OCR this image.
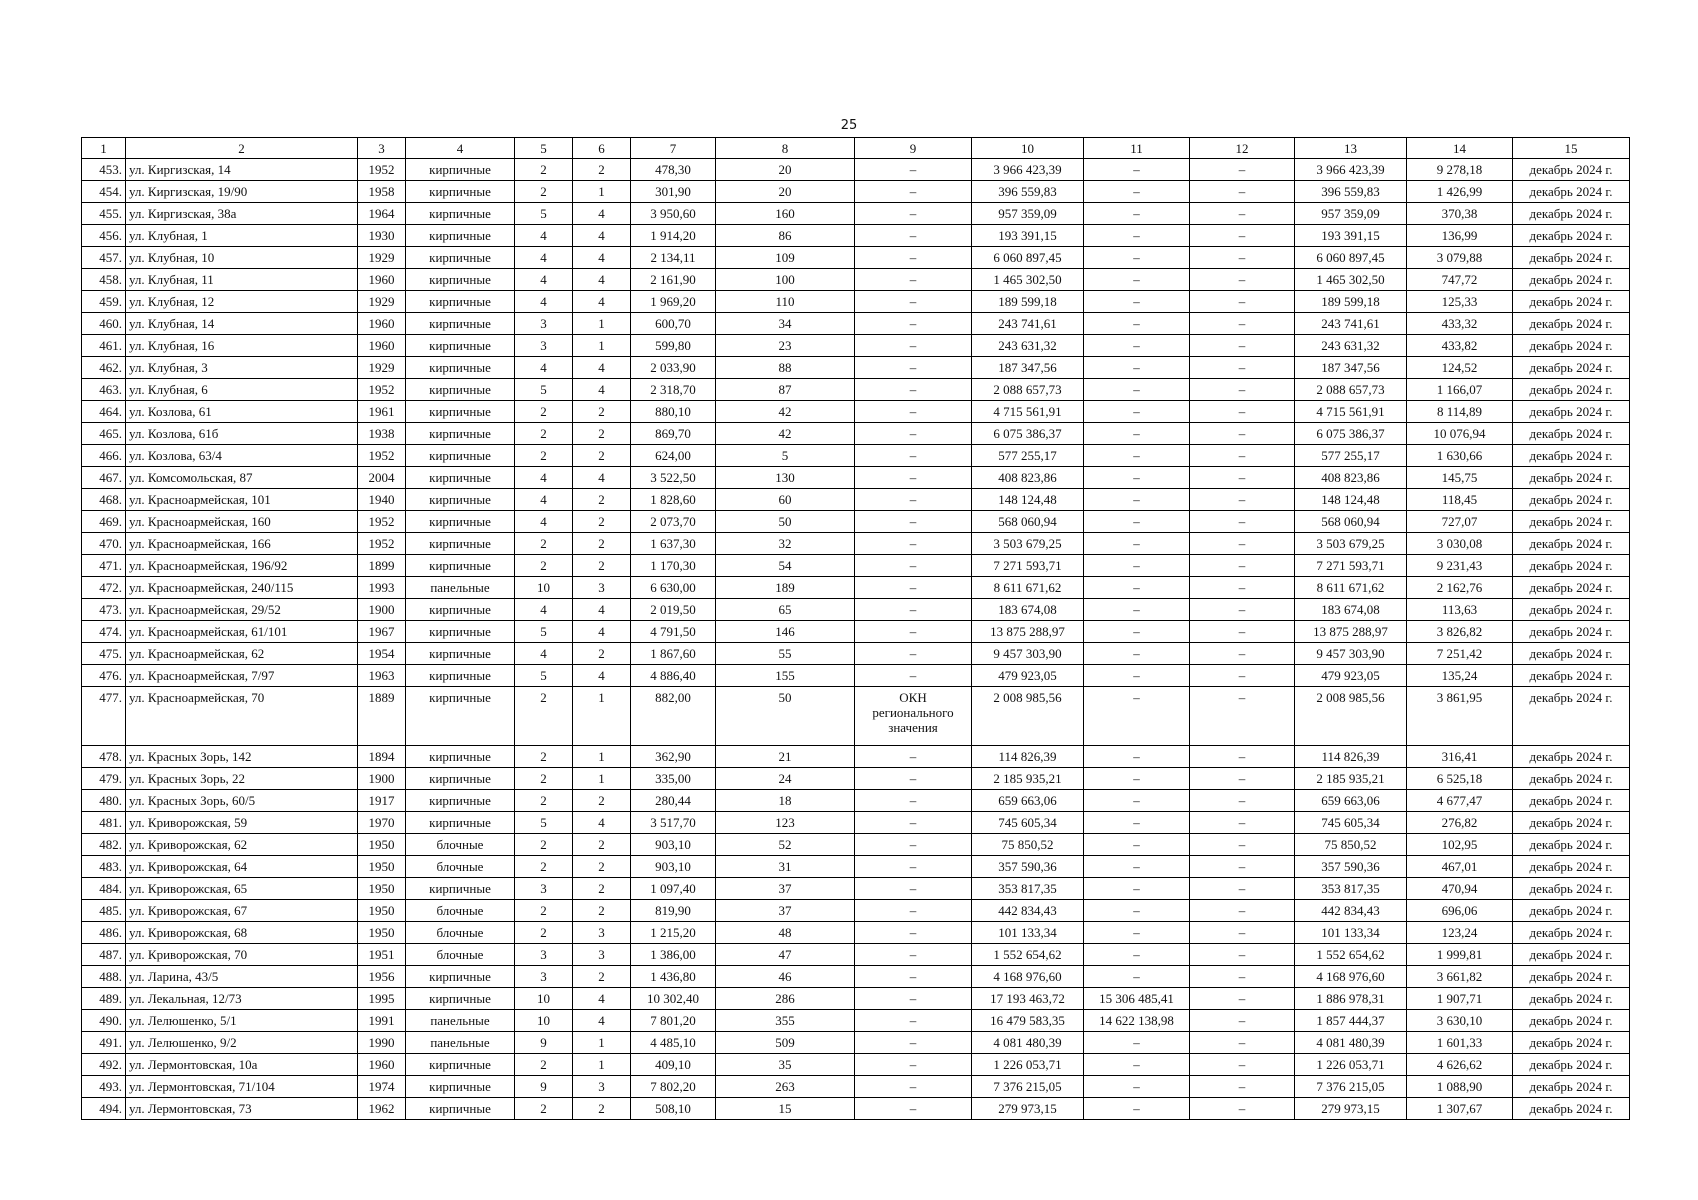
25
1	2	3	4	5	6	7	8	9	10	11	12	13	14	15
453.	ул. Киргизская, 14	1952	кирпичные	2	2	478,30	20	–	3 966 423,39	–	–	3 966 423,39	9 278,18	декабрь 2024 г.
454.	ул. Киргизская, 19/90	1958	кирпичные	2	1	301,90	20	–	396 559,83	–	–	396 559,83	1 426,99	декабрь 2024 г.
455.	ул. Киргизская, 38а	1964	кирпичные	5	4	3 950,60	160	–	957 359,09	–	–	957 359,09	370,38	декабрь 2024 г.
456.	ул. Клубная, 1	1930	кирпичные	4	4	1 914,20	86	–	193 391,15	–	–	193 391,15	136,99	декабрь 2024 г.
457.	ул. Клубная, 10	1929	кирпичные	4	4	2 134,11	109	–	6 060 897,45	–	–	6 060 897,45	3 079,88	декабрь 2024 г.
458.	ул. Клубная, 11	1960	кирпичные	4	4	2 161,90	100	–	1 465 302,50	–	–	1 465 302,50	747,72	декабрь 2024 г.
459.	ул. Клубная, 12	1929	кирпичные	4	4	1 969,20	110	–	189 599,18	–	–	189 599,18	125,33	декабрь 2024 г.
460.	ул. Клубная, 14	1960	кирпичные	3	1	600,70	34	–	243 741,61	–	–	243 741,61	433,32	декабрь 2024 г.
461.	ул. Клубная, 16	1960	кирпичные	3	1	599,80	23	–	243 631,32	–	–	243 631,32	433,82	декабрь 2024 г.
462.	ул. Клубная, 3	1929	кирпичные	4	4	2 033,90	88	–	187 347,56	–	–	187 347,56	124,52	декабрь 2024 г.
463.	ул. Клубная, 6	1952	кирпичные	5	4	2 318,70	87	–	2 088 657,73	–	–	2 088 657,73	1 166,07	декабрь 2024 г.
464.	ул. Козлова, 61	1961	кирпичные	2	2	880,10	42	–	4 715 561,91	–	–	4 715 561,91	8 114,89	декабрь 2024 г.
465.	ул. Козлова, 61б	1938	кирпичные	2	2	869,70	42	–	6 075 386,37	–	–	6 075 386,37	10 076,94	декабрь 2024 г.
466.	ул. Козлова, 63/4	1952	кирпичные	2	2	624,00	5	–	577 255,17	–	–	577 255,17	1 630,66	декабрь 2024 г.
467.	ул. Комсомольская, 87	2004	кирпичные	4	4	3 522,50	130	–	408 823,86	–	–	408 823,86	145,75	декабрь 2024 г.
468.	ул. Красноармейская, 101	1940	кирпичные	4	2	1 828,60	60	–	148 124,48	–	–	148 124,48	118,45	декабрь 2024 г.
469.	ул. Красноармейская, 160	1952	кирпичные	4	2	2 073,70	50	–	568 060,94	–	–	568 060,94	727,07	декабрь 2024 г.
470.	ул. Красноармейская, 166	1952	кирпичные	2	2	1 637,30	32	–	3 503 679,25	–	–	3 503 679,25	3 030,08	декабрь 2024 г.
471.	ул. Красноармейская, 196/92	1899	кирпичные	2	2	1 170,30	54	–	7 271 593,71	–	–	7 271 593,71	9 231,43	декабрь 2024 г.
472.	ул. Красноармейская, 240/115	1993	панельные	10	3	6 630,00	189	–	8 611 671,62	–	–	8 611 671,62	2 162,76	декабрь 2024 г.
473.	ул. Красноармейская, 29/52	1900	кирпичные	4	4	2 019,50	65	–	183 674,08	–	–	183 674,08	113,63	декабрь 2024 г.
474.	ул. Красноармейская, 61/101	1967	кирпичные	5	4	4 791,50	146	–	13 875 288,97	–	–	13 875 288,97	3 826,82	декабрь 2024 г.
475.	ул. Красноармейская, 62	1954	кирпичные	4	2	1 867,60	55	–	9 457 303,90	–	–	9 457 303,90	7 251,42	декабрь 2024 г.
476.	ул. Красноармейская, 7/97	1963	кирпичные	5	4	4 886,40	155	–	479 923,05	–	–	479 923,05	135,24	декабрь 2024 г.
477.	ул. Красноармейская, 70	1889	кирпичные	2	1	882,00	50	ОКН регионального значения	2 008 985,56	–	–	2 008 985,56	3 861,95	декабрь 2024 г.
478.	ул. Красных Зорь, 142	1894	кирпичные	2	1	362,90	21	–	114 826,39	–	–	114 826,39	316,41	декабрь 2024 г.
479.	ул. Красных Зорь, 22	1900	кирпичные	2	1	335,00	24	–	2 185 935,21	–	–	2 185 935,21	6 525,18	декабрь 2024 г.
480.	ул. Красных Зорь, 60/5	1917	кирпичные	2	2	280,44	18	–	659 663,06	–	–	659 663,06	4 677,47	декабрь 2024 г.
481.	ул. Криворожская, 59	1970	кирпичные	5	4	3 517,70	123	–	745 605,34	–	–	745 605,34	276,82	декабрь 2024 г.
482.	ул. Криворожская, 62	1950	блочные	2	2	903,10	52	–	75 850,52	–	–	75 850,52	102,95	декабрь 2024 г.
483.	ул. Криворожская, 64	1950	блочные	2	2	903,10	31	–	357 590,36	–	–	357 590,36	467,01	декабрь 2024 г.
484.	ул. Криворожская, 65	1950	кирпичные	3	2	1 097,40	37	–	353 817,35	–	–	353 817,35	470,94	декабрь 2024 г.
485.	ул. Криворожская, 67	1950	блочные	2	2	819,90	37	–	442 834,43	–	–	442 834,43	696,06	декабрь 2024 г.
486.	ул. Криворожская, 68	1950	блочные	2	3	1 215,20	48	–	101 133,34	–	–	101 133,34	123,24	декабрь 2024 г.
487.	ул. Криворожская, 70	1951	блочные	3	3	1 386,00	47	–	1 552 654,62	–	–	1 552 654,62	1 999,81	декабрь 2024 г.
488.	ул. Ларина, 43/5	1956	кирпичные	3	2	1 436,80	46	–	4 168 976,60	–	–	4 168 976,60	3 661,82	декабрь 2024 г.
489.	ул. Лекальная, 12/73	1995	кирпичные	10	4	10 302,40	286	–	17 193 463,72	15 306 485,41	–	1 886 978,31	1 907,71	декабрь 2024 г.
490.	ул. Лелюшенко, 5/1	1991	панельные	10	4	7 801,20	355	–	16 479 583,35	14 622 138,98	–	1 857 444,37	3 630,10	декабрь 2024 г.
491.	ул. Лелюшенко, 9/2	1990	панельные	9	1	4 485,10	509	–	4 081 480,39	–	–	4 081 480,39	1 601,33	декабрь 2024 г.
492.	ул. Лермонтовская, 10а	1960	кирпичные	2	1	409,10	35	–	1 226 053,71	–	–	1 226 053,71	4 626,62	декабрь 2024 г.
493.	ул. Лермонтовская, 71/104	1974	кирпичные	9	3	7 802,20	263	–	7 376 215,05	–	–	7 376 215,05	1 088,90	декабрь 2024 г.
494.	ул. Лермонтовская, 73	1962	кирпичные	2	2	508,10	15	–	279 973,15	–	–	279 973,15	1 307,67	декабрь 2024 г.
